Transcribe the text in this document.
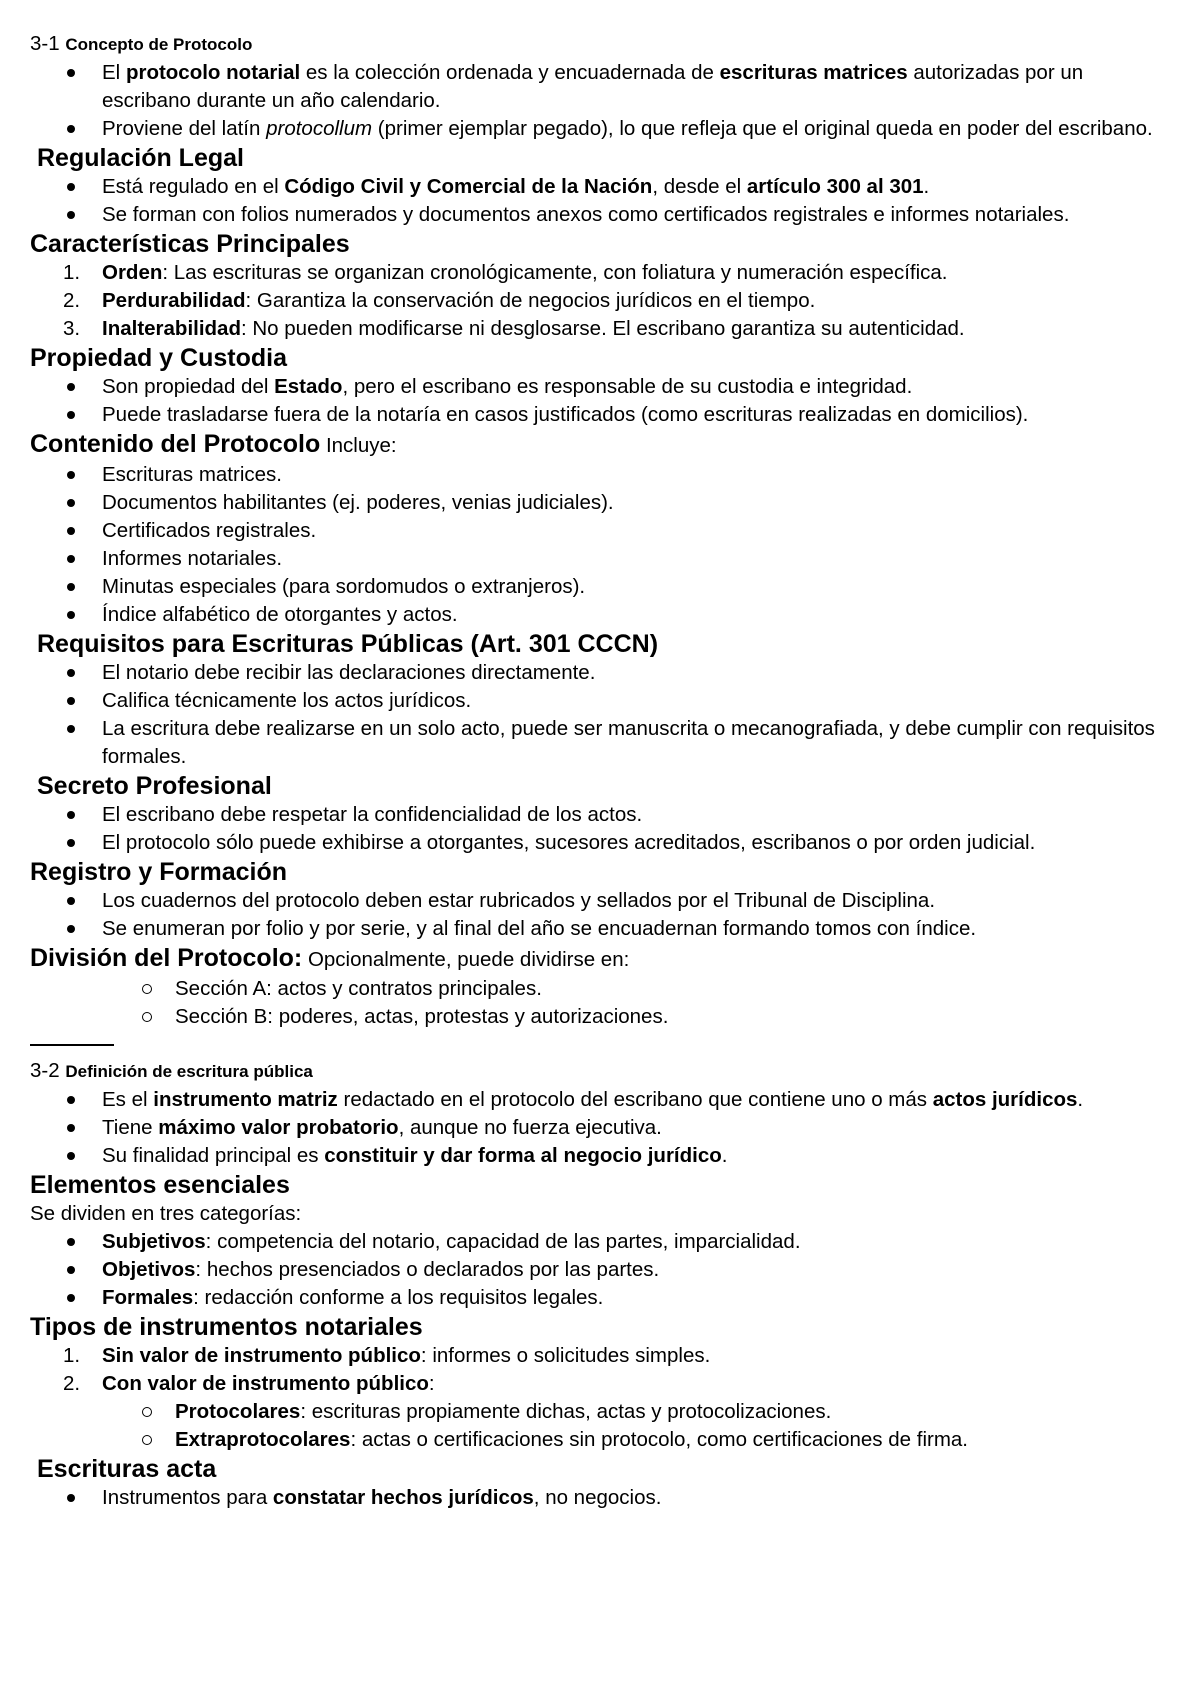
3-1 Concepto de Protocolo
El protocolo notarial es la colección ordenada y encuadernada de escrituras matrices autorizadas por un escribano durante un año calendario.
Proviene del latín protocollum (primer ejemplar pegado), lo que refleja que el original queda en poder del escribano.
Regulación Legal
Está regulado en el Código Civil y Comercial de la Nación, desde el artículo 300 al 301.
Se forman con folios numerados y documentos anexos como certificados registrales e informes notariales.
Características Principales
1. Orden: Las escrituras se organizan cronológicamente, con foliatura y numeración específica.
2. Perdurabilidad: Garantiza la conservación de negocios jurídicos en el tiempo.
3. Inalterabilidad: No pueden modificarse ni desglosarse. El escribano garantiza su autenticidad.
Propiedad y Custodia
Son propiedad del Estado, pero el escribano es responsable de su custodia e integridad.
Puede trasladarse fuera de la notaría en casos justificados (como escrituras realizadas en domicilios).
Contenido del Protocolo Incluye:
Escrituras matrices.
Documentos habilitantes (ej. poderes, venias judiciales).
Certificados registrales.
Informes notariales.
Minutas especiales (para sordomudos o extranjeros).
Índice alfabético de otorgantes y actos.
Requisitos para Escrituras Públicas (Art. 301 CCCN)
El notario debe recibir las declaraciones directamente.
Califica técnicamente los actos jurídicos.
La escritura debe realizarse en un solo acto, puede ser manuscrita o mecanografiada, y debe cumplir con requisitos formales.
Secreto Profesional
El escribano debe respetar la confidencialidad de los actos.
El protocolo sólo puede exhibirse a otorgantes, sucesores acreditados, escribanos o por orden judicial.
Registro y Formación
Los cuadernos del protocolo deben estar rubricados y sellados por el Tribunal de Disciplina.
Se enumeran por folio y por serie, y al final del año se encuadernan formando tomos con índice.
División del Protocolo: Opcionalmente, puede dividirse en:
Sección A: actos y contratos principales.
Sección B: poderes, actas, protestas y autorizaciones.
3-2 Definición de escritura pública
Es el instrumento matriz redactado en el protocolo del escribano que contiene uno o más actos jurídicos.
Tiene máximo valor probatorio, aunque no fuerza ejecutiva.
Su finalidad principal es constituir y dar forma al negocio jurídico.
Elementos esenciales

Se dividen en tres categorías:

Subjetivos: competencia del notario, capacidad de las partes, imparcialidad.
Objetivos: hechos presenciados o declarados por las partes.
Formales: redacción conforme a los requisitos legales.
Tipos de instrumentos notariales
1. Sin valor de instrumento público: informes o solicitudes simples.
2. Con valor de instrumento público:
Protocolares: escrituras propiamente dichas, actas y protocolizaciones.
Extraprotocolares: actas o certificaciones sin protocolo, como certificaciones de firma.
Escrituras acta
Instrumentos para constatar hechos jurídicos, no negocios.
